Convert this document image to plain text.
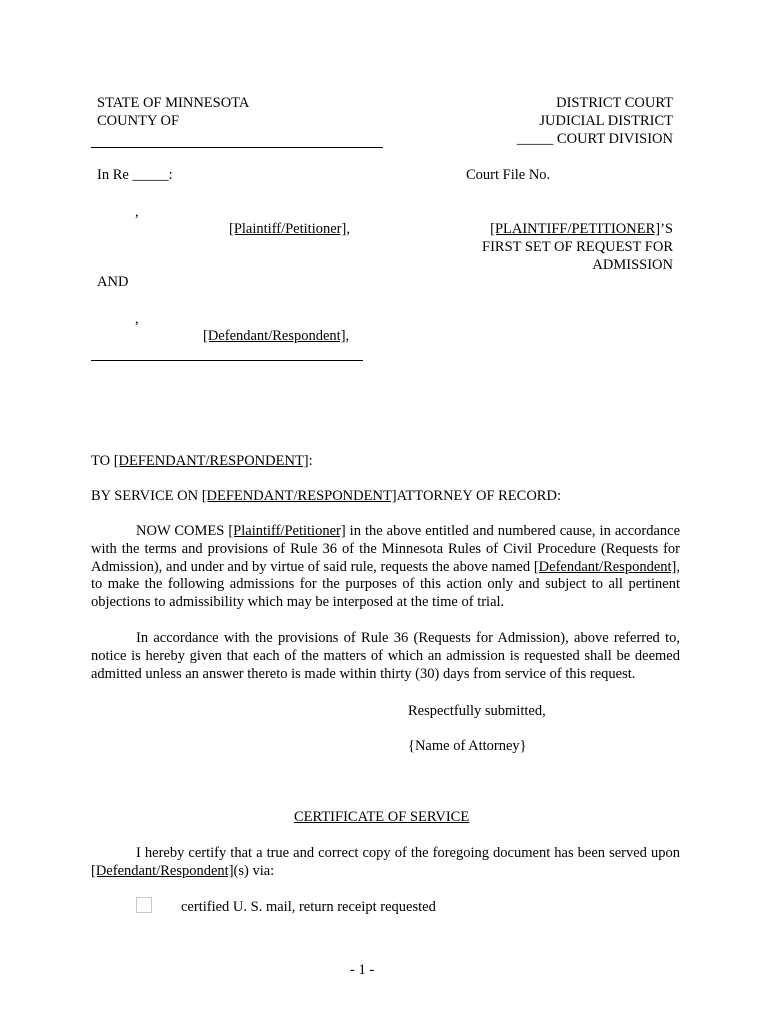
STATE OF MINNESOTA
COUNTY OF
DISTRICT COURT
JUDICIAL DISTRICT
_____ COURT DIVISION
In Re _____:	Court File No.
,
[Plaintiff/Petitioner],	[PLAINTIFF/PETITIONER]’S
FIRST SET OF REQUEST FOR
ADMISSION
AND
,
[Defendant/Respondent],
TO [DEFENDANT/RESPONDENT]:
BY SERVICE ON [DEFENDANT/RESPONDENT]ATTORNEY OF RECORD:
NOW COMES [Plaintiff/Petitioner] in the above entitled and numbered cause, in accordance with the terms and provisions of Rule 36 of the Minnesota Rules of Civil Procedure (Requests for Admission), and under and by virtue of said rule, requests the above named [Defendant/Respondent], to make the following admissions for the purposes of this action only and subject to all pertinent objections to admissibility which may be interposed at the time of trial.
In accordance with the provisions of Rule 36 (Requests for Admission), above referred to, notice is hereby given that each of the matters of which an admission is requested shall be deemed admitted unless an answer thereto is made within thirty (30) days from service of this request.
Respectfully submitted,
{Name of Attorney}
CERTIFICATE OF SERVICE
I hereby certify that a true and correct copy of the foregoing document has been served upon [Defendant/Respondent](s) via:
certified U. S. mail, return receipt requested
- 1 -
